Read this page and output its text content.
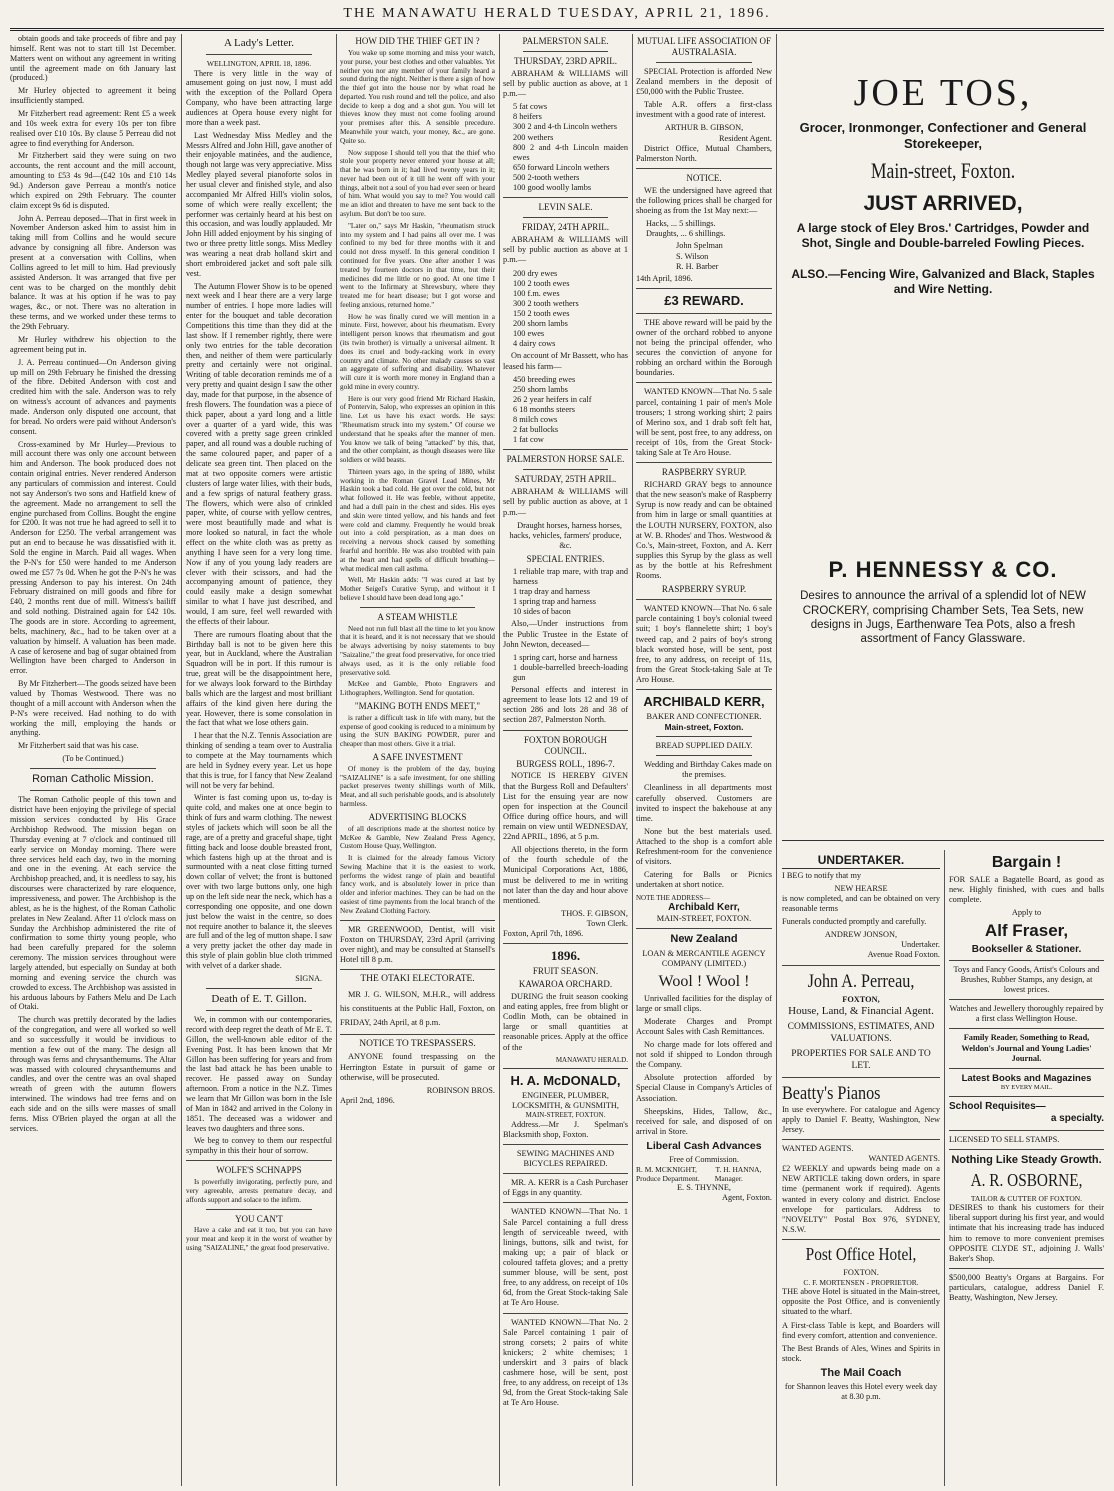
THE MANAWATU HERALD TUESDAY, APRIL 21, 1896.

obtain goods and take proceeds of fibre and pay himself. Rent was not to start till 1st December. Matters went on without any agreement in writing until the agreement made on 6th January last (produced.)

Mr Hurley objected to agreement it being insufficiently stamped.

Mr Fitzherbert read agreement: Rent £5 a week and 10s week extra for every 10s per ton fibre realised over £10 10s. By clause 5 Perreau did not agree to find everything for Anderson.

Mr Fitzherbert said they were suing on two accounts, the rent account and the mill account, amounting to £53 4s 9d—(£42 10s and £10 14s 9d.) Anderson gave Perreau a month's notice which expired on 29th February. The counter claim except 9s 6d is disputed.

John A. Perreau deposed—That in first week in November Anderson asked him to assist him in taking mill from Collins and he would secure advance by consigning all fibre. Anderson was present at a conversation with Collins, when Collins agreed to let mill to him. Had previously assisted Anderson. It was arranged that five per cent was to be charged on the monthly debit balance. It was at his option if he was to pay wages, &c., or not. There was no alteration in these terms, and we worked under these terms to the 29th February.

Mr Hurley withdrew his objection to the agreement being put in.

J. A. Perreau continued—On Anderson giving up mill on 29th February he finished the dressing of the fibre. Debited Anderson with cost and credited him with the sale. Anderson was to rely on witness's account of advances and payments made. Anderson only disputed one account, that for bread. No orders were paid without Anderson's consent.

Cross-examined by Mr Hurley—Previous to mill account there was only one account between him and Anderson. The book produced does not contain original entries. Never rendered Anderson any particulars of commission and interest. Could not say Anderson's two sons and Hatfield knew of the agreement. Made no arrangement to sell the engine purchased from Collins. Bought the engine for £200. It was not true he had agreed to sell it to Anderson for £250. The verbal arrangement was put an end to because he was dissatisfied with it. Sold the engine in March. Paid all wages. When the P-N's for £50 were handed to me Anderson owed me £57 7s 0d. When he got the P-N's he was pressing Anderson to pay his interest. On 24th February distrained on mill goods and fibre for £40, 2 months rent due of mill. Witness's bailiff and sold nothing. Distrained again for £42 10s. The goods are in store. According to agreement, belts, machinery, &c., had to be taken over at a valuation by himself. A valuation has been made. A case of kerosene and bag of sugar obtained from Wellington have been charged to Anderson in error.

By Mr Fitzherbert—The goods seized have been valued by Thomas Westwood. There was no thought of a mill account with Anderson when the P-N's were received. Had nothing to do with working the mill, employing the hands or anything.

Mr Fitzherbert said that was his case.

(To be Continued.)
Roman Catholic Mission.

The Roman Catholic people of this town and district have been enjoying the privilege of special mission services conducted by His Grace Archbishop Redwood. The mission began on Thursday evening at 7 o'clock and continued till early service on Monday morning. There were three services held each day, two in the morning and one in the evening. At each service the Archbishop preached, and, it is needless to say, his discourses were characterized by rare eloquence, impressiveness, and power. The Archbishop is the ablest, as he is the highest, of the Roman Catholic prelates in New Zealand. After 11 o'clock mass on Sunday the Archbishop administered the rite of confirmation to some thirty young people, who had been carefully prepared for the solemn ceremony. The mission services throughout were largely attended, but especially on Sunday at both morning and evening service the church was crowded to excess. The Archbishop was assisted in his arduous labours by Fathers Melu and De Lach of Otaki.

The church was prettily decorated by the ladies of the congregation, and were all worked so well and so successfully it would be invidious to mention a few out of the many. The design all through was ferns and chrysanthemums. The Altar was massed with coloured chrysanthemums and candles, and over the centre was an oval shaped wreath of green with the autumn flowers interwined. The windows had tree ferns and on each side and on the sills were masses of small ferns. Miss O'Brien played the organ at all the services.

A Lady's Letter.
WELLINGTON, APRIL 18, 1896.

There is very little in the way of amusement going on just now, I must add with the exception of the Pollard Opera Company, who have been attracting large audiences at Opera house every night for more than a week past.

Last Wednesday Miss Medley and the Messrs Alfred and John Hill, gave another of their enjoyable matinées, and the audience, though not large was very appreciative. Miss Medley played several pianoforte solos in her usual clever and finished style, and also accompanied Mr Alfred Hill's violin solos, some of which were really excellent; the performer was certainly heard at his best on this occasion, and was loudly applauded. Mr John Hill added enjoyment by his singing of two or three pretty little songs. Miss Medley was wearing a neat drab holland skirt and short embroidered jacket and soft pale silk vest.

The Autumn Flower Show is to be opened next week and I hear there are a very large number of entries. I hope more ladies will enter for the bouquet and table decoration Competitions this time than they did at the last show. If I remember rightly, there were only two entries for the table decoration then, and neither of them were particularly pretty and certainly were not original. Writing of table decoration reminds me of a very pretty and quaint design I saw the other day, made for that purpose, in the absence of fresh flowers. The foundation was a piece of thick paper, about a yard long and a little over a quarter of a yard wide, this was covered with a pretty sage green crinkled paper, and all round was a double ruching of the same coloured paper, and paper of a delicate sea green tint. Then placed on the mat at two opposite corners were artistic clusters of large water lilies, with their buds, and a few sprigs of natural feathery grass. The flowers, which were also of crinkled paper, white, of course with yellow centres, were most beautifully made and what is more looked so natural, in fact the whole effect on the white cloth was as pretty as anything I have seen for a very long time. Now if any of you young lady readers are clever with their scissors, and had the accompanying amount of patience, they could easily make a design somewhat similar to what I have just described, and would, I am sure, feel well rewarded with the effects of their labour.

There are rumours floating about that the Birthday ball is not to be given here this year, but in Auckland, where the Australian Squadron will be in port. If this rumour is true, great will be the disappointment here, for we always look forward to the Birthday balls which are the largest and most brilliant affairs of the kind given here during the year. However, there is some consolation in the fact that what we lose others gain.

I hear that the N.Z. Tennis Association are thinking of sending a team over to Australia to compete at the May tournaments which are held in Sydney every year. Let us hope that this is true, for I fancy that New Zealand will not be very far behind.

Winter is fast coming upon us, to-day is quite cold, and makes one at once begin to think of furs and warm clothing. The newest styles of jackets which will soon be all the rage, are of a pretty and graceful shape, tight fitting back and loose double breasted front, which fastens high up at the throat and is surmounted with a neat close fitting turned down collar of velvet; the front is buttoned over with two large buttons only, one high up on the left side near the neck, which has a corresponding one opposite, and one down just below the waist in the centre, so does not require another to balance it, the sleeves are full and of the leg of mutton shape. I saw a very pretty jacket the other day made in this style of plain goblin blue cloth trimmed with velvet of a darker shade.

SIGNA.
Death of E. T. Gillon.

We, in common with our contemporaries, record with deep regret the death of Mr E. T. Gillon, the well-known able editor of the Evening Post. It has been known that Mr Gillon has been suffering for years and from the last bad attack he has been unable to recover. He passed away on Sunday afternoon. From a notice in the N.Z. Times we learn that Mr Gillon was born in the Isle of Man in 1842 and arrived in the Colony in 1851. The deceased was a widower and leaves two daughters and three sons.

We beg to convey to them our respectful sympathy in this their hour of sorrow.

WOLFE'S SCHNAPPS

Is powerfully invigorating, perfectly pure, and very agreeable, arrests premature decay, and affords support and solace to the infirm.

YOU CAN'T

Have a cake and eat it too, but you can have your meat and keep it in the worst of weather by using "SAIZALINE," the great food preservative.

HOW DID THE THIEF GET IN ?

You wake up some morning and miss your watch, your purse, your best clothes and other valuables. Yet neither you nor any member of your family heard a sound during the night. Neither is there a sign of how the thief got into the house nor by what road he departed. You rush round and tell the police, and also decide to keep a dog and a shot gun. You will let thieves know they must not come fooling around your premises after this. A sensible precedure. Meanwhile your watch, your money, &c., are gone. Quite so.

Now suppose I should tell you that the thief who stole your property never entered your house at all; that he was born in it; had lived twenty years in it; never had been out of it till he went off with your things, albeit not a soul of you had ever seen or heard of him. What would you say to me? You would call me an idiot and threaten to have me sent back to the asylum. But don't be too sure.

"Later on," says Mr Haskin, "rheumatism struck into my system and I had pains all over me. I was confined to my bed for three months with it and could not dress myself. In this general condition I continued for five years. One after another I was treated by fourteen doctors in that time, but their medicines did me little or no good. At one time I went to the Infirmary at Shrewsbury, where they treated me for heart disease; but I got worse and feeling anxious, returned home."

How he was finally cured we will mention in a minute. First, however, about his rheumatism. Every intelligent person knows that rheumatism and gout (its twin brother) is virtually a universal ailment. It does its cruel and body-racking work in every country and climate. No other malady causes so vast an aggregate of suffering and disability. Whatever will cure it is worth more money in England than a gold mine in every country.

Here is our very good friend Mr Richard Haskin, of Pontervin, Salop, who expresses an opinion in this line. Let us have his exact words. He says: "Rheumatism struck into my system." Of course we understand that he speaks after the manner of men. You know we talk of being "attacked" by this, that, and the other complaint, as though diseases were like soldiers or wild beasts.

Thirteen years ago, in the spring of 1880, whilst working in the Roman Gravel Lead Mines, Mr Haskin took a bad cold. He got over the cold, but not what followed it. He was feeble, without appetite, and had a dull pain in the chest and sides. His eyes and skin were tinted yellow, and his hands and feet were cold and clammy. Frequently he would break out into a cold perspiration, as a man does on receiving a nervous shock caused by something fearful and horrible. He was also troubled with pain at the heart and had spells of difficult breathing—what medical men call asthma.

Well, Mr Haskin adds: "I was cured at last by Mother Seigel's Curative Syrup, and without it I believe I should have been dead long ago."

A STEAM WHISTLE

Need not run full blast all the time to let you know that it is heard, and it is not necessary that we should be always advertising by noisy statements to buy "Saizaline," the great food preservative, for once tried always used, as it is the only reliable food preservative sold.

McKee and Gamble, Photo Engravers and Lithographers, Wellington. Send for quotation.

"MAKING BOTH ENDS MEET,"

is rather a difficult task in life with many, but the expense of good cooking is reduced to a minimum by using the SUN BAKING POWDER, purer and cheaper than most others. Give it a trial.

A SAFE INVESTMENT

Of money is the problem of the day, buying "SAIZALINE" is a safe investment, for one shilling packet preserves twenty shillings worth of Milk, Meat, and all such perishable goods, and is absolutely harmless.

ADVERTISING BLOCKS

of all descriptions made at the shortest notice by McKee & Gamble, New Zealand Press Agency, Custom House Quay, Wellington.

It is claimed for the already famous Victory Sewing Machine that it is the easiest to work, performs the widest range of plain and beautiful fancy work, and is absolutely lower in price than older and inferior machines. They can be had on the easiest of time payments from the local branch of the New Zealand Clothing Factory.

MR GREENWOOD, Dentist, will visit Foxton on THURSDAY, 23rd April (arriving over night), and may be consulted at Stansell's Hotel till 8 p.m.

THE OTAKI ELECTORATE.

MR J. G. WILSON, M.H.R., will address his constituents at the Public Hall, Foxton, on FRIDAY, 24th April, at 8 p.m.

NOTICE TO TRESPASSERS.

ANYONE found trespassing on the Herrington Estate in pursuit of game or otherwise, will be prosecuted.

ROBINSON BROS.
April 2nd, 1896.
PALMERSTON SALE.
THURSDAY, 23RD APRIL.

ABRAHAM & WILLIAMS will sell by public auction as above, at 1 p.m.—

5 fat cows
8 heifers
300 2 and 4-th Lincoln wethers
200 wethers
800 2 and 4-th Lincoln maiden ewes
650 forward Lincoln wethers
500 2-tooth wethers
100 good woolly lambs
LEVIN SALE.
FRIDAY, 24TH APRIL.

ABRAHAM & WILLIAMS will sell by public auction as above at 1 p.m.—

200 dry ewes
100 2 tooth ewes
100 f.m. ewes
300 2 tooth wethers
150 2 tooth ewes
200 shorn lambs
100 ewes
4 dairy cows

On account of Mr Bassett, who has leased his farm—

450 breeding ewes
250 shorn lambs
26 2 year heifers in calf
6 18 months steers
8 milch cows
2 fat bullocks
1 fat cow
PALMERSTON HORSE SALE.
SATURDAY, 25TH APRIL.

ABRAHAM & WILLIAMS will sell by public auction as above, at 1 p.m.—

Draught horses, harness horses, hacks, vehicles, farmers' produce, &c.

SPECIAL ENTRIES.
1 reliable trap mare, with trap and harness
1 trap dray and harness
1 spring trap and harness
10 sides of bacon

Also,—Under instructions from the Public Trustee in the Estate of John Newton, deceased—

1 spring cart, horse and harness
1 double-barrelled breech-loading gun

Personal effects and interest in agreement to lease lots 12 and 19 of section 286 and lots 28 and 38 of section 287, Palmerston North.

FOXTON BOROUGH COUNCIL.
BURGESS ROLL, 1896-7.

NOTICE IS HEREBY GIVEN that the Burgess Roll and Defaulters' List for the ensuing year are now open for inspection at the Council Office during office hours, and will remain on view until WEDNESDAY, 22nd APRIL, 1896, at 5 p.m.

All objections thereto, in the form of the fourth schedule of the Municipal Corporations Act, 1886, must be delivered to me in writing not later than the day and hour above mentioned.

THOS. F. GIBSON,
Town Clerk.
Foxton, April 7th, 1896.
1896.
FRUIT SEASON.
KAWAROA ORCHARD.

DURING the fruit season cooking and eating apples, free from blight or Codlin Moth, can be obtained in large or small quantities at reasonable prices. Apply at the office of the

MANAWATU HERALD.
H. A. McDONALD,
ENGINEER, PLUMBER, LOCKSMITH, & GUNSMITH,
MAIN-STREET, FOXTON.

Address.—Mr J. Spelman's Blacksmith shop, Foxton.

SEWING MACHINES AND BICYCLES REPAIRED.

MR. A. KERR is a Cash Purchaser of Eggs in any quantity.

WANTED KNOWN—That No. 1 Sale Parcel containing a full dress length of serviceable tweed, with linings, buttons, silk and twist, for making up; a pair of black or coloured taffeta gloves; and a pretty summer blouse, will be sent, post free, to any address, on receipt of 10s 6d, from the Great Stock-taking Sale at Te Aro House.

WANTED KNOWN—That No. 2 Sale Parcel containing 1 pair of strong corsets; 2 pairs of white knickers; 2 white chemises; 1 underskirt and 3 pairs of black cashmere hose, will be sent, post free, to any address, on receipt of 13s 9d, from the Great Stock-taking Sale at Te Aro House.

MUTUAL LIFE ASSOCIATION OF AUSTRALASIA.

SPECIAL Protection is afforded New Zealand members in the deposit of £50,000 with the Public Trustee.

Table A.R. offers a first-class investment with a good rate of interest.

ARTHUR B. GIBSON,
Resident Agent.

District Office, Mutual Chambers, Palmerston North.

NOTICE.

WE the undersigned have agreed that the following prices shall be charged for shoeing as from the 1st May next:—

Hacks, ... 5 shillings.
Draughts, ... 6 shillings.
John Spelman
S. Wilson
R. H. Barber
14th April, 1896.
£3 REWARD.

THE above reward will be paid by the owner of the orchard robbed to anyone not being the principal offender, who secures the conviction of anyone for robbing an orchard within the Borough boundaries.

WANTED KNOWN—That No. 5 sale parcel, containing 1 pair of men's Mole trousers; 1 strong working shirt; 2 pairs of Merino sox, and 1 drab soft felt hat, will be sent, post free, to any address, on receipt of 10s, from the Great Stock-taking Sale at Te Aro House.

RASPBERRY SYRUP.

RICHARD GRAY begs to announce that the new season's make of Raspberry Syrup is now ready and can be obtained from him in large or small quantities at the LOUTH NURSERY, FOXTON, also at W. B. Rhodes' and Thos. Westwood & Co.'s, Main-street, Foxton, and A. Kerr supplies this Syrup by the glass as well as by the bottle at his Refreshment Rooms.

RASPBERRY SYRUP.

WANTED KNOWN—That No. 6 sale parcle containing 1 boy's colonial tweed suit; 1 boy's flannelette shirt; 1 boy's tweed cap, and 2 pairs of boy's strong black worsted hose, will be sent, post free, to any address, on receipt of 11s, from the Great Stock-taking Sale at Te Aro House.

ARCHIBALD KERR,
BAKER AND CONFECTIONER.
Main-street, Foxton.
BREAD SUPPLIED DAILY.

Wedding and Birthday Cakes made on the premises.

Cleanliness in all departments most carefully observed. Customers are invited to inspect the bakehouse at any time.

None but the best materials used. Attached to the shop is a comfort able Refreshment-room for the convenience of visitors.

Catering for Balls or Picnics undertaken at short notice.

NOTE THE ADDRESS—
Archibald Kerr,
MAIN-STREET, FOXTON.
New Zealand
LOAN & MERCANTILE AGENCY COMPANY (LIMITED.)
Wool ! Wool !

Unrivalled facilities for the display of large or small clips.

Moderate Charges and Prompt Account Sales with Cash Remittances.

No charge made for lots offered and not sold if shipped to London through the Company.

Absolute protection afforded by Special Clause in Company's Articles of Association.

Sheepskins, Hides, Tallow, &c., received for sale, and disposed of on arrival in Store.

Liberal Cash Advances
Free of Commission.
R. M. MCKNIGHT,          T. H. HANNA,
Produce Department.        Manager.
E. S. THYNNE,
Agent, Foxton.
JOE TOS,
Grocer, Ironmonger, Confectioner and General Storekeeper,
Main-street, Foxton.
JUST ARRIVED,
A large stock of Eley Bros.' Cartridges, Powder and Shot, Single and Double-barreled Fowling Pieces.
ALSO.—Fencing Wire, Galvanized and Black, Staples and Wire Netting.
P. HENNESSY & CO.
Desires to announce the arrival of a splendid lot of NEW CROCKERY, comprising Chamber Sets, Tea Sets, new designs in Jugs, Earthenware Tea Pots, also a fresh assortment of Fancy Glassware.
UNDERTAKER.

I BEG to notify that my

NEW HEARSE

is now completed, and can be obtained on very reasonable terms

Funerals conducted promptly and carefully.

ANDREW JONSON,
Undertaker.
Avenue Road Foxton.
John A. Perreau,
FOXTON,
House, Land, & Financial Agent.
COMMISSIONS, ESTIMATES, AND VALUATIONS.
PROPERTIES FOR SALE AND TO LET.
Beatty's Pianos

In use everywhere. For catalogue and Agency apply to Daniel F. Beatty, Washington, New Jersey.

WANTED AGENTS.
WANTED AGENTS.

£2 WEEKLY and upwards being made on a NEW ARTICLE taking down orders, in spare time (permanent work if required). Agents wanted in every colony and district. Enclose envelope for particulars. Address to "NOVELTY" Postal Box 976, SYDNEY, N.S.W.

Post Office Hotel,
FOXTON.
C. F. MORTENSEN - PROPRIETOR.

THE above Hotel is situated in the Main-street, opposite the Post Office, and is conveniently situated to the wharf.

A First-class Table is kept, and Boarders will find every comfort, attention and convenience.

The Best Brands of Ales, Wines and Spirits in stock.

The Mail Coach

for Shannon leaves this Hotel every week day at 8.30 p.m.

Bargain !

FOR SALE a Bagatelle Board, as good as new. Highly finished, with cues and balls complete.

Apply to
Alf Fraser,
Bookseller & Stationer.

Toys and Fancy Goods, Artist's Colours and Brushes, Rubber Stamps, any design, at lowest prices.

Watches and Jewellery thoroughly repaired by a first class Wellington House.

Family Reader, Something to Read, Weldon's Journal and Young Ladies' Journal.

Latest Books and Magazines
BY EVERY MAIL.
School Requisites—
a specialty.
LICENSED TO SELL STAMPS.
Nothing Like Steady Growth.
A. R. OSBORNE,
TAILOR & CUTTER OF FOXTON.

DESIRES to thank his customers for their liberal support during his first year, and would intimate that his increasing trade has induced him to remove to more convenient premises OPPOSITE CLYDE ST., adjoining J. Walls' Baker's Shop.

$500,000 Beatty's Organs at Bargains. For particulars, catalogue, address Daniel F. Beatty, Washington, New Jersey.
